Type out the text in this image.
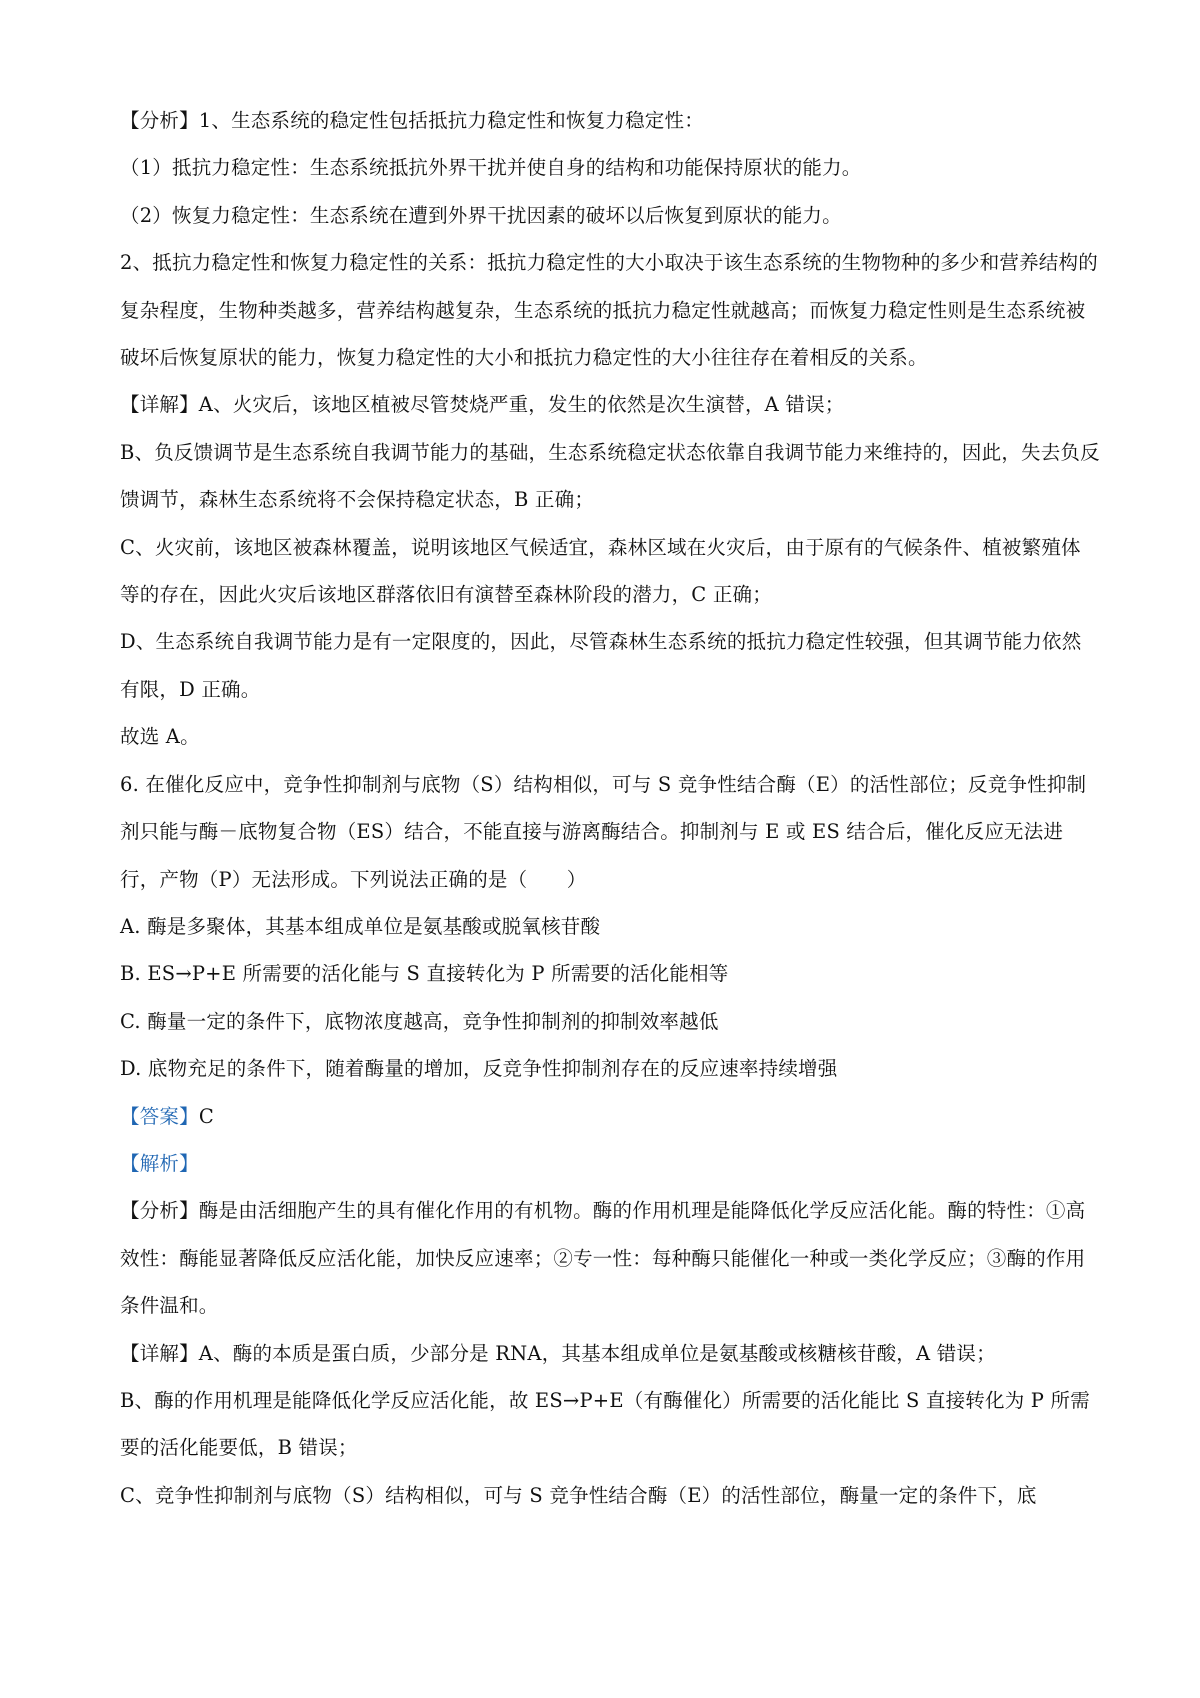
【分析】1、生态系统的稳定性包括抵抗力稳定性和恢复力稳定性：
（1）抵抗力稳定性：生态系统抵抗外界干扰并使自身的结构和功能保持原状的能力。
（2）恢复力稳定性：生态系统在遭到外界干扰因素的破坏以后恢复到原状的能力。
2、抵抗力稳定性和恢复力稳定性的关系：抵抗力稳定性的大小取决于该生态系统的生物物种的多少和营养结构的复杂程度，生物种类越多，营养结构越复杂，生态系统的抵抗力稳定性就越高；而恢复力稳定性则是生态系统被破坏后恢复原状的能力，恢复力稳定性的大小和抵抗力稳定性的大小往往存在着相反的关系。
【详解】A、火灾后，该地区植被尽管焚烧严重，发生的依然是次生演替，A 错误；
B、负反馈调节是生态系统自我调节能力的基础，生态系统稳定状态依靠自我调节能力来维持的，因此，失去负反馈调节，森林生态系统将不会保持稳定状态，B 正确；
C、火灾前，该地区被森林覆盖，说明该地区气候适宜，森林区域在火灾后，由于原有的气候条件、植被繁殖体等的存在，因此火灾后该地区群落依旧有演替至森林阶段的潜力，C 正确；
D、生态系统自我调节能力是有一定限度的，因此，尽管森林生态系统的抵抗力稳定性较强，但其调节能力依然有限，D 正确。
故选 A。
6. 在催化反应中，竞争性抑制剂与底物（S）结构相似，可与 S 竞争性结合酶（E）的活性部位；反竞争性抑制剂只能与酶－底物复合物（ES）结合，不能直接与游离酶结合。抑制剂与 E 或 ES 结合后，催化反应无法进行，产物（P）无法形成。下列说法正确的是（　　）
A. 酶是多聚体，其基本组成单位是氨基酸或脱氧核苷酸
B. ES→P+E 所需要的活化能与 S 直接转化为 P 所需要的活化能相等
C. 酶量一定的条件下，底物浓度越高，竞争性抑制剂的抑制效率越低
D. 底物充足的条件下，随着酶量的增加，反竞争性抑制剂存在的反应速率持续增强
【答案】C
【解析】
【分析】酶是由活细胞产生的具有催化作用的有机物。酶的作用机理是能降低化学反应活化能。酶的特性：①高效性：酶能显著降低反应活化能，加快反应速率；②专一性：每种酶只能催化一种或一类化学反应；③酶的作用条件温和。
【详解】A、酶的本质是蛋白质，少部分是 RNA，其基本组成单位是氨基酸或核糖核苷酸，A 错误；
B、酶的作用机理是能降低化学反应活化能，故 ES→P+E（有酶催化）所需要的活化能比 S 直接转化为 P 所需要的活化能要低，B 错误；
C、竞争性抑制剂与底物（S）结构相似，可与 S 竞争性结合酶（E）的活性部位，酶量一定的条件下，底
